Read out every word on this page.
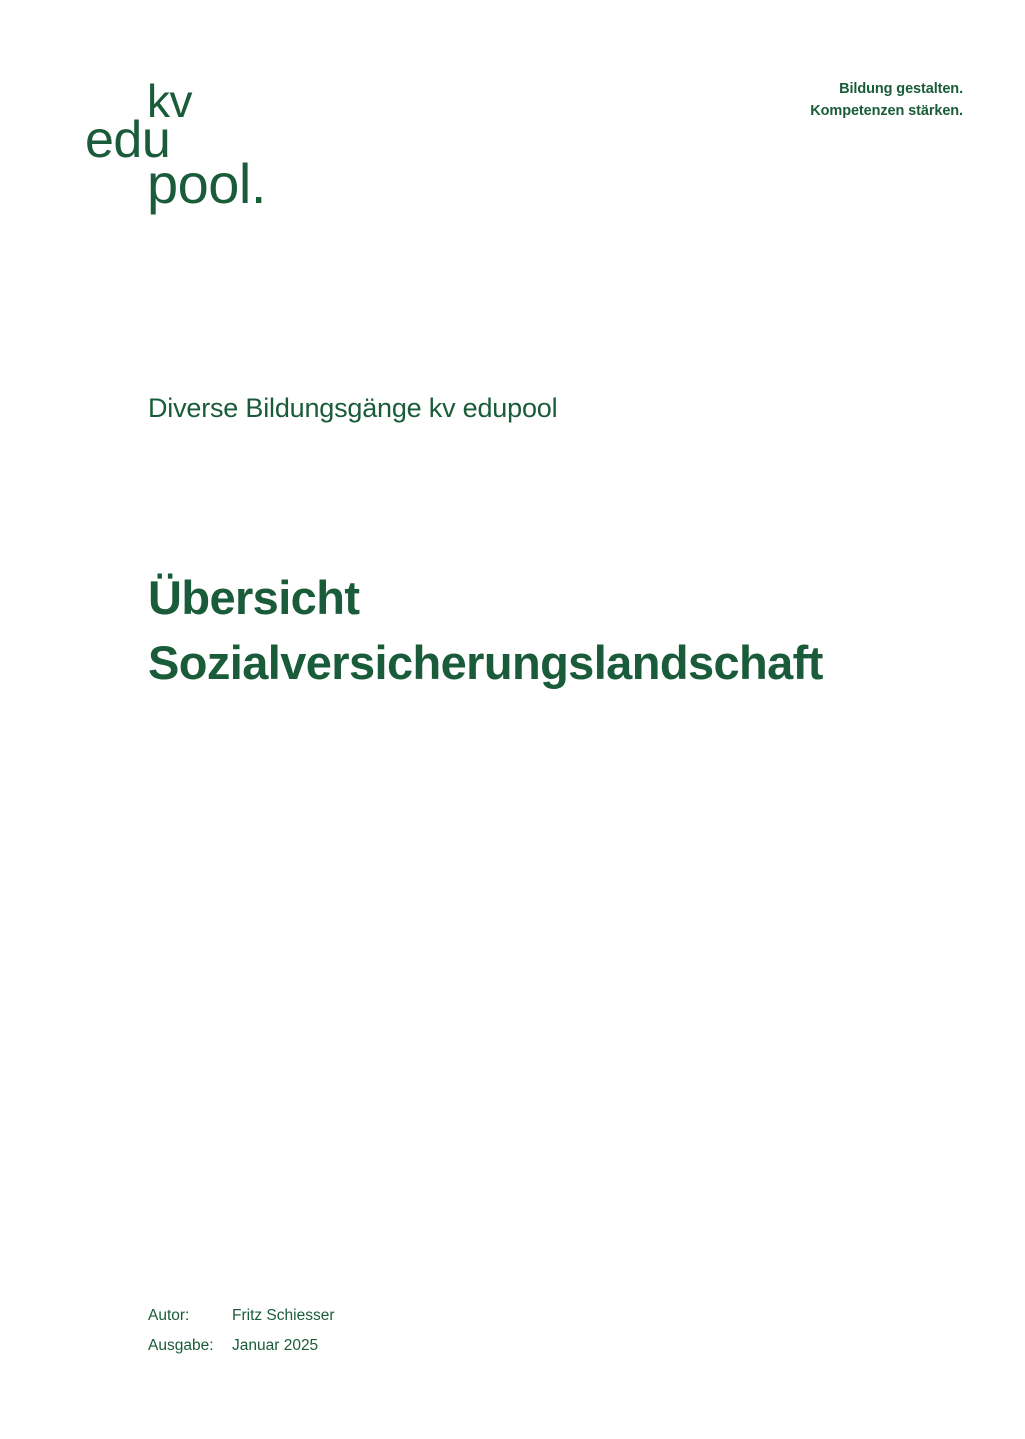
kv
edu
pool.
Bildung gestalten.
Kompetenzen stärken.
Diverse Bildungsgänge kv edupool
Übersicht
Sozialversicherungslandschaft
Autor:	Fritz Schiesser
Ausgabe:	Januar 2025
